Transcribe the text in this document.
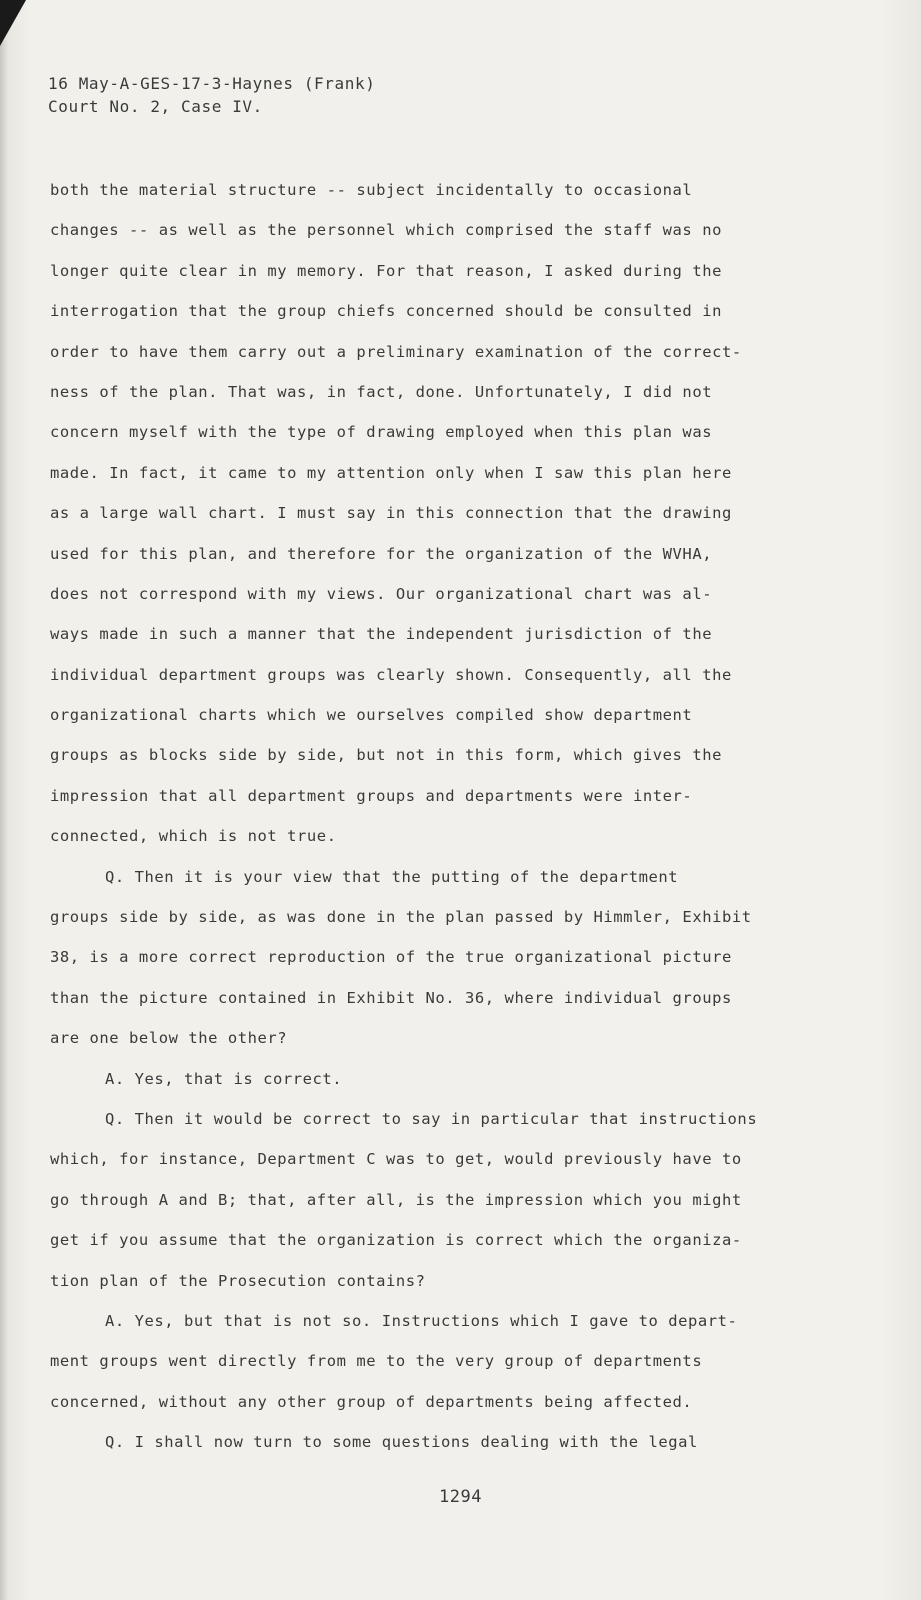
16 May-A-GES-17-3-Haynes (Frank)
Court No. 2, Case IV.
both the material structure -- subject incidentally to occasional
changes -- as well as the personnel which comprised the staff was no
longer quite clear in my memory. For that reason, I asked during the
interrogation that the group chiefs concerned should be consulted in
order to have them carry out a preliminary examination of the correct-
ness of the plan. That was, in fact, done. Unfortunately, I did not
concern myself with the type of drawing employed when this plan was
made. In fact, it came to my attention only when I saw this plan here
as a large wall chart. I must say in this connection that the drawing
used for this plan, and therefore for the organization of the WVHA,
does not correspond with my views. Our organizational chart was al-
ways made in such a manner that the independent jurisdiction of the
individual department groups was clearly shown. Consequently, all the
organizational charts which we ourselves compiled show department
groups as blocks side by side, but not in this form, which gives the
impression that all department groups and departments were inter-
connected, which is not true.
Q. Then it is your view that the putting of the department
groups side by side, as was done in the plan passed by Himmler, Exhibit
38, is a more correct reproduction of the true organizational picture
than the picture contained in Exhibit No. 36, where individual groups
are one below the other?
A. Yes, that is correct.
Q. Then it would be correct to say in particular that instructions
which, for instance, Department C was to get, would previously have to
go through A and B; that, after all, is the impression which you might
get if you assume that the organization is correct which the organiza-
tion plan of the Prosecution contains?
A. Yes, but that is not so. Instructions which I gave to depart-
ment groups went directly from me to the very group of departments
concerned, without any other group of departments being affected.
Q. I shall now turn to some questions dealing with the legal
1294
